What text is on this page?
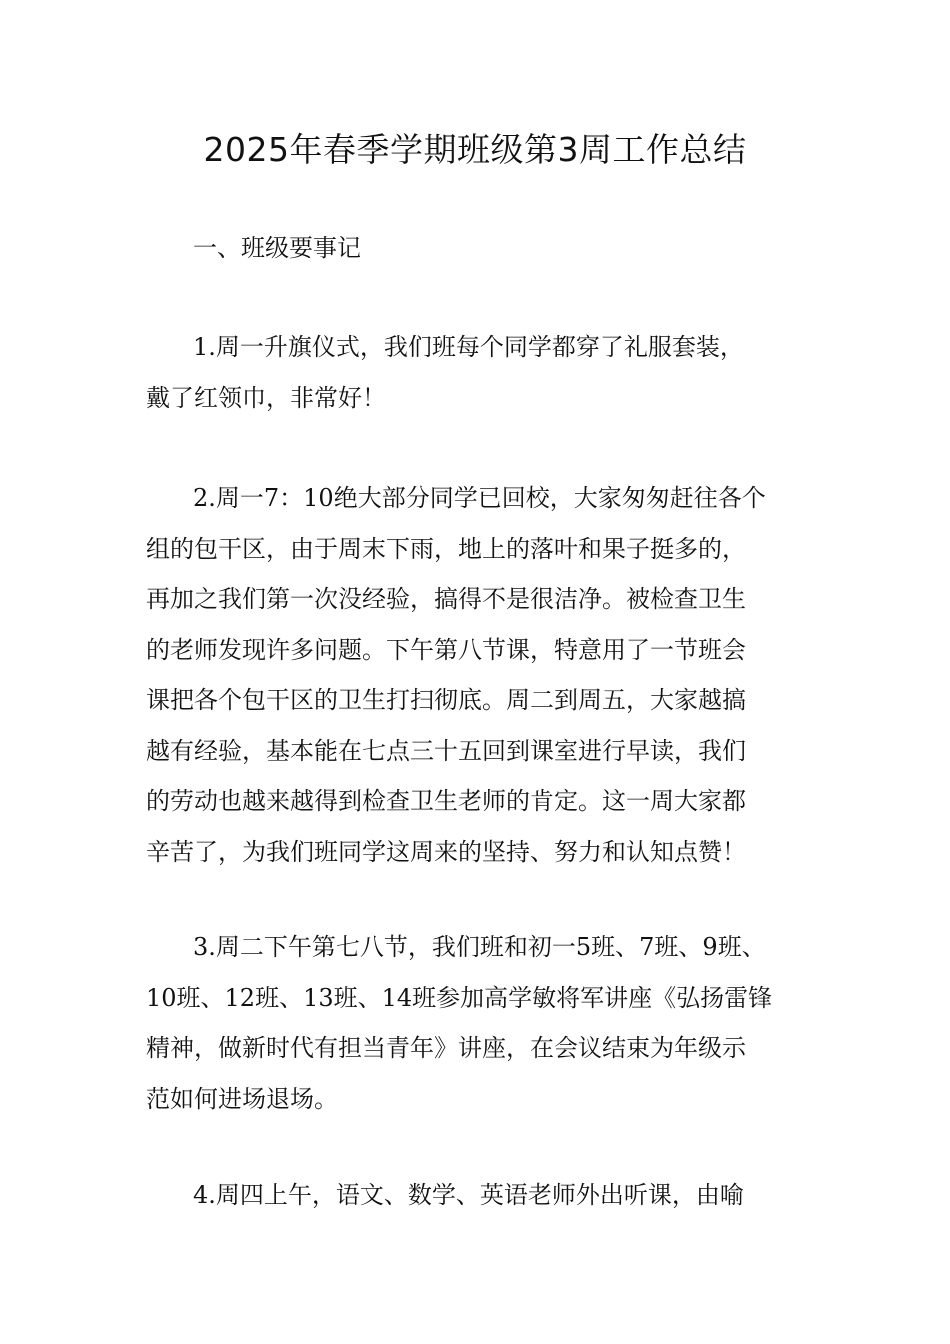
2025年春季学期班级第3周工作总结
一、班级要事记

1.周一升旗仪式，我们班每个同学都穿了礼服套装，
戴了红领巾，非常好！

2.周一7：10绝大部分同学已回校，大家匆匆赶往各个
组的包干区，由于周末下雨，地上的落叶和果子挺多的，
再加之我们第一次没经验，搞得不是很洁净。被检查卫生
的老师发现许多问题。下午第八节课，特意用了一节班会
课把各个包干区的卫生打扫彻底。周二到周五，大家越搞
越有经验，基本能在七点三十五回到课室进行早读，我们
的劳动也越来越得到检查卫生老师的肯定。这一周大家都
辛苦了，为我们班同学这周来的坚持、努力和认知点赞！

3.周二下午第七八节，我们班和初一5班、7班、9班、
10班、12班、13班、14班参加高学敏将军讲座《弘扬雷锋
精神，做新时代有担当青年》讲座，在会议结束为年级示
范如何进场退场。

4.周四上午，语文、数学、英语老师外出听课，由喻
